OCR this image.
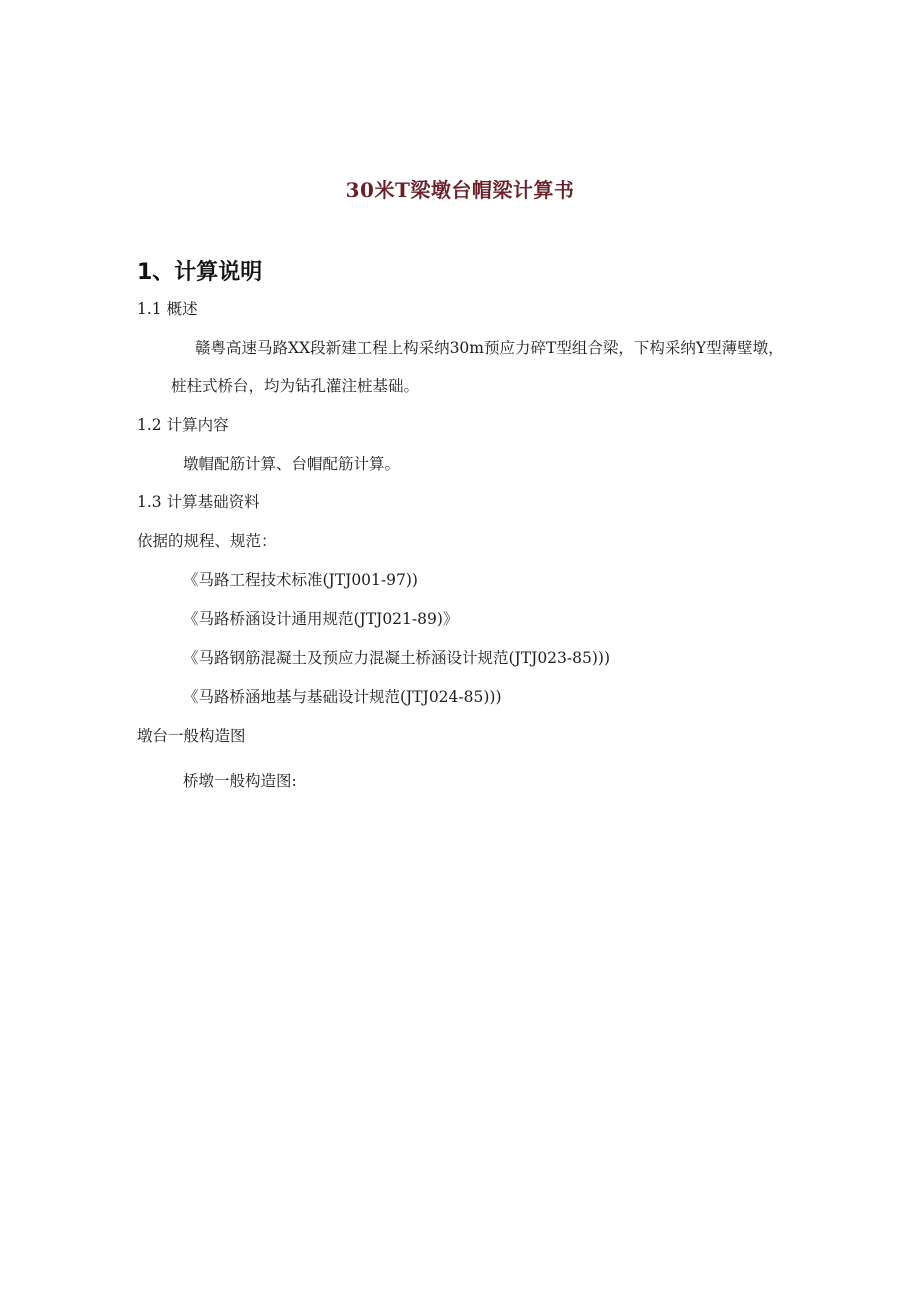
30米T梁墩台帽梁计算书
1、计算说明
1.1 概述
赣粤高速马路XX段新建工程上构采纳30m预应力碎T型组合梁，下构采纳Y型薄壁墩，
桩柱式桥台，均为钻孔灌注桩基础。
1.2 计算内容
墩帽配筋计算、台帽配筋计算。
1.3 计算基础资料
依据的规程、规范：
《马路工程技术标准(JTJ001-97))
《马路桥涵设计通用规范(JTJ021-89)》
《马路钢筋混凝土及预应力混凝土桥涵设计规范(JTJ023-85)))
《马路桥涵地基与基础设计规范(JTJ024-85)))
墩台一般构造图
桥墩一般构造图:
